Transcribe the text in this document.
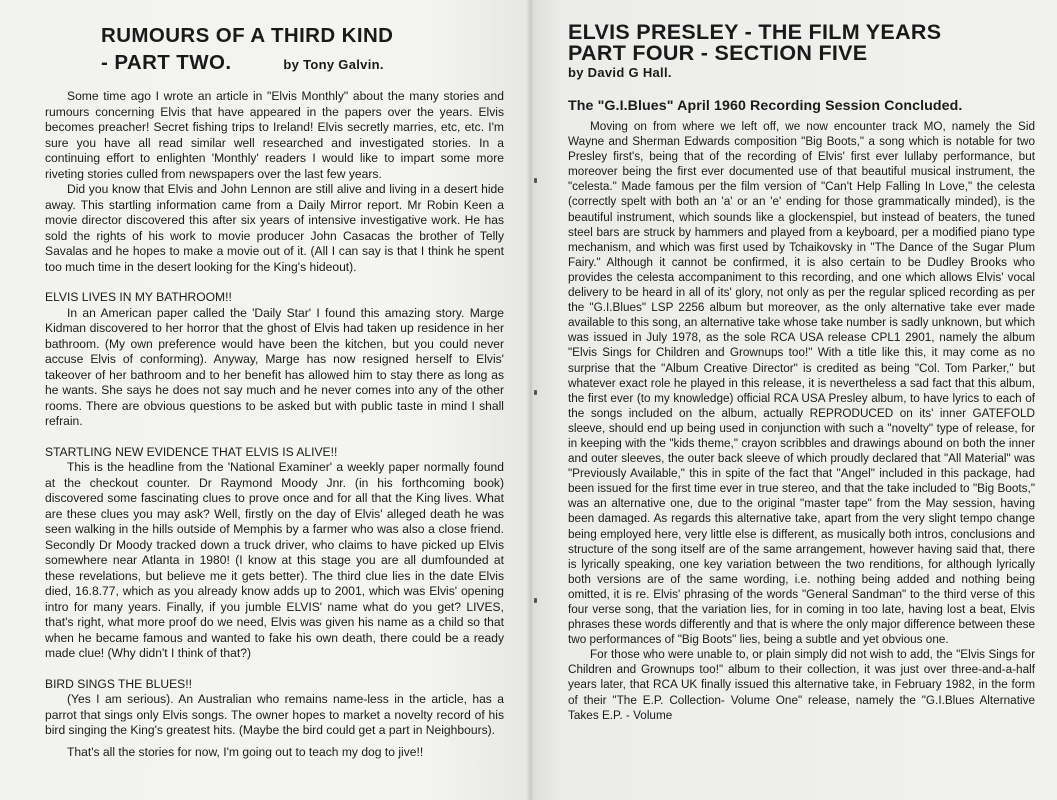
RUMOURS OF A THIRD KIND
- PART TWO.	by Tony Galvin.

Some time ago I wrote an article in "Elvis Monthly" about the many stories and rumours concerning Elvis that have appeared in the papers over the years. Elvis becomes preacher! Secret fishing trips to Ireland! Elvis secretly marries, etc, etc. I'm sure you have all read similar well researched and investigated stories. In a continuing effort to enlighten 'Monthly' readers I would like to impart some more riveting stories culled from newspapers over the last few years.

Did you know that Elvis and John Lennon are still alive and living in a desert hide away. This startling information came from a Daily Mirror report. Mr Robin Keen a movie director discovered this after six years of intensive investigative work. He has sold the rights of his work to movie producer John Casacas the brother of Telly Savalas and he hopes to make a movie out of it. (All I can say is that I think he spent too much time in the desert looking for the King's hideout).

ELVIS LIVES IN MY BATHROOM!!

In an American paper called the 'Daily Star' I found this amazing story. Marge Kidman discovered to her horror that the ghost of Elvis had taken up residence in her bathroom. (My own preference would have been the kitchen, but you could never accuse Elvis of conforming). Anyway, Marge has now resigned herself to Elvis' takeover of her bathroom and to her benefit has allowed him to stay there as long as he wants. She says he does not say much and he never comes into any of the other rooms. There are obvious questions to be asked but with public taste in mind I shall refrain.

STARTLING NEW EVIDENCE THAT ELVIS IS ALIVE!!

This is the headline from the 'National Examiner' a weekly paper normally found at the checkout counter. Dr Raymond Moody Jnr. (in his forthcoming book) discovered some fascinating clues to prove once and for all that the King lives. What are these clues you may ask? Well, firstly on the day of Elvis' alleged death he was seen walking in the hills outside of Memphis by a farmer who was also a close friend. Secondly Dr Moody tracked down a truck driver, who claims to have picked up Elvis somewhere near Atlanta in 1980! (I know at this stage you are all dumfounded at these revelations, but believe me it gets better). The third clue lies in the date Elvis died, 16.8.77, which as you already know adds up to 2001, which was Elvis' opening intro for many years. Finally, if you jumble ELVIS' name what do you get? LIVES, that's right, what more proof do we need, Elvis was given his name as a child so that when he became famous and wanted to fake his own death, there could be a ready made clue! (Why didn't I think of that?)

BIRD SINGS THE BLUES!!

(Yes I am serious). An Australian who remains name-less in the article, has a parrot that sings only Elvis songs. The owner hopes to market a novelty record of his bird singing the King's greatest hits. (Maybe the bird could get a part in Neighbours).

That's all the stories for now, I'm going out to teach my dog to jive!!

ELVIS PRESLEY - THE FILM YEARS
PART FOUR - SECTION FIVE
by David G Hall.
The "G.I.Blues" April 1960 Recording Session Concluded.

Moving on from where we left off, we now encounter track MO, namely the Sid Wayne and Sherman Edwards composition "Big Boots," a song which is notable for two Presley first's, being that of the recording of Elvis' first ever lullaby performance, but moreover being the first ever documented use of that beautiful musical instrument, the "celesta." Made famous per the film version of "Can't Help Falling In Love," the celesta (correctly spelt with both an 'a' or an 'e' ending for those grammatically minded), is the beautiful instrument, which sounds like a glockenspiel, but instead of beaters, the tuned steel bars are struck by hammers and played from a keyboard, per a modified piano type mechanism, and which was first used by Tchaikovsky in "The Dance of the Sugar Plum Fairy." Although it cannot be confirmed, it is also certain to be Dudley Brooks who provides the celesta accompaniment to this recording, and one which allows Elvis' vocal delivery to be heard in all of its' glory, not only as per the regular spliced recording as per the "G.I.Blues" LSP 2256 album but moreover, as the only alternative take ever made available to this song, an alternative take whose take number is sadly unknown, but which was issued in July 1978, as the sole RCA USA release CPL1 2901, namely the album "Elvis Sings for Children and Grownups too!" With a title like this, it may come as no surprise that the "Album Creative Director" is credited as being "Col. Tom Parker," but whatever exact role he played in this release, it is nevertheless a sad fact that this album, the first ever (to my knowledge) official RCA USA Presley album, to have lyrics to each of the songs included on the album, actually REPRODUCED on its' inner GATEFOLD sleeve, should end up being used in conjunction with such a "novelty" type of release, for in keeping with the "kids theme," crayon scribbles and drawings abound on both the inner and outer sleeves, the outer back sleeve of which proudly declared that "All Material" was "Previously Available," this in spite of the fact that "Angel" included in this package, had been issued for the first time ever in true stereo, and that the take included to "Big Boots," was an alternative one, due to the original "master tape" from the May session, having been damaged. As regards this alternative take, apart from the very slight tempo change being employed here, very little else is different, as musically both intros, conclusions and structure of the song itself are of the same arrangement, however having said that, there is lyrically speaking, one key variation between the two renditions, for although lyrically both versions are of the same wording, i.e. nothing being added and nothing being omitted, it is re. Elvis' phrasing of the words "General Sandman" to the third verse of this four verse song, that the variation lies, for in coming in too late, having lost a beat, Elvis phrases these words differently and that is where the only major difference between these two performances of "Big Boots" lies, being a subtle and yet obvious one.

For those who were unable to, or plain simply did not wish to add, the "Elvis Sings for Children and Grownups too!" album to their collection, it was just over three-and-a-half years later, that RCA UK finally issued this alternative take, in February 1982, in the form of their "The E.P. Collection- Volume One" release, namely the "G.I.Blues Alternative Takes E.P. - Volume
